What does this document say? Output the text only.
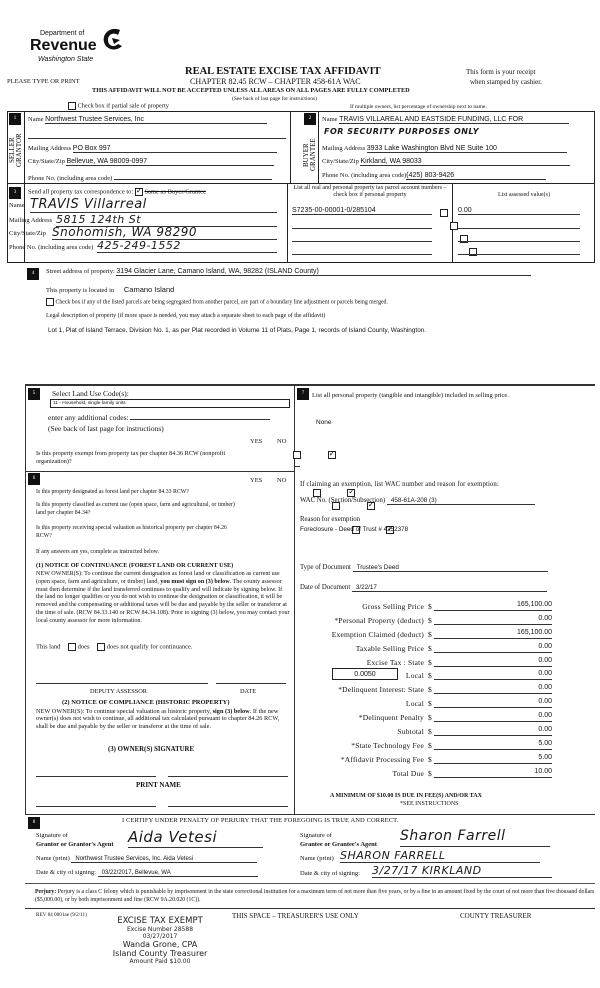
Department of
Revenue
Washington State
REAL ESTATE EXCISE TAX AFFIDAVIT
CHAPTER 82.45 RCW – CHAPTER 458-61A WAC
PLEASE TYPE OR PRINT
This form is your receipt
when stamped by cashier.
THIS AFFIDAVIT WILL NOT BE ACCEPTED UNLESS ALL AREAS ON ALL PAGES ARE FULLY COMPLETED
(See back of last page for instructions)
Check box if partial sale of property	If multiple owners, list percentage of ownership next to name.
1
SELLER GRANTOR
Name Northwest Trustee Services, Inc
Mailing Address PO Box 997
City/State/Zip Bellevue, WA 98009-0997
Phone No. (including area code)
2
BUYER GRANTEE
Name TRAVIS VILLAREAL AND EASTSIDE FUNDING, LLC FOR
FOR SECURITY PURPOSES ONLY
Mailing Address 3933 Lake Washington Blvd NE Suite 100
City/State/Zip Kirkland, WA 98033
Phone No. (including area code)(425) 803-9426
3	Send all property tax correspondence to: ✓ Same as Buyer/Grantee
Name TRAVIS Villarreal
Mailing Address 5815 124th St
City/State/Zip Snohomish, WA 98290
Phone No. (including area code) 425-249-1552
List all real and personal property tax parcel account numbers – check box if personal property	List assessed value(s)
S7235-00-00001-0/285104
	0.00

4	Street address of property: 3194 Glacier Lane, Camano Island, WA, 98282 (ISLAND County)
This property is located in Camano Island
Check box if any of the listed parcels are being segregated from another parcel, are part of a boundary line adjustment or parcels being merged.
Legal description of property (if more space is needed, you may attach a separate sheet to each page of the affidavit)
Lot 1, Plat of Island Terrace, Division No. 1, as per Plat recorded in Volume 11 of Plats, Page 1, records of Island County, Washington.
5	Select Land Use Code(s):
11 - Household, single family units
enter any additional codes:
(See back of last page for instructions)
YES NO
Is this property exempt from property tax per chapter 84.36 RCW (nonprofit organization)?
✓
6	YES NO
Is this property designated as forest land per chapter 84.33 RCW?
✓
Is this property classified as current use (open space, farm and agricultural, or timber) land per chapter 84.34?
✓
Is this property receiving special valuation as historical property per chapter 84.26 RCW?
✓
If any answers are yes, complete as instructed below.
(1) NOTICE OF CONTINUANCE (FOREST LAND OR CURRENT USE)
NEW OWNER(S): To continue the current designation as forest land or classification as current use (open space, farm and agriculture, or timber) land, you must sign on (3) below. The county assessor must then determine if the land transferred continues to qualify and will indicate by signing below. If the land no longer qualifies or you do not wish to continue the designation or classification, it will be removed and the compensating or additional taxes will be due and payable by the seller or transferor at the time of sale. (RCW 84.33.140 or RCW 84.34.108). Prior to signing (3) below, you may contact your local county assessor for more information.
This land	does	does not qualify for continuance.
DEPUTY ASSESSOR	DATE
(2) NOTICE OF COMPLIANCE (HISTORIC PROPERTY)
NEW OWNER(S): To continue special valuation as historic property, sign (3) below. If the new owner(s) does not wish to continue, all additional tax calculated pursuant to chapter 84.26 RCW, shall be due and payable by the seller or transferor at the time of sale.
(3) OWNER(S) SIGNATURE
PRINT NAME
7	List all personal property (tangible and intangible) included in selling price.
None
If claiming an exemption, list WAC number and reason for exemption:
WAC No. (Section/Subsection) 458-61A-208 (3)
Reason for exemption
Foreclosure - Deed of Trust # 4252378
Type of Document Trustee's Deed
Date of Document 3/22/17
Gross Selling Price $	165,100.00
*Personal Property (deduct) $	0.00
Exemption Claimed (deduct) $	165,100.00
Taxable Selling Price $	0.00
Excise Tax : State $	0.00
0.0050	Local $	0.00
*Delinquent Interest: State $	0.00
Local $	0.00
*Delinquent Penalty $	0.00
Subtotal $	0.00
*State Technology Fee $	5.00
*Affidavit Processing Fee $	5.00
Total Due $	10.00
A MINIMUM OF $10.00 IS DUE IN FEE(S) AND/OR TAX
*SEE INSTRUCTIONS
8	I CERTIFY UNDER PENALTY OF PERJURY THAT THE FOREGOING IS TRUE AND CORRECT.
Signature of
Grantor or Grantor's Agent Aida Vetesi
Name (print) Northwest Trustee Services, Inc. Aida Vetesi
Date & city of signing: 03/22/2017, Bellevue, WA
Signature of
Grantee or Grantee's Agent
Sharon Farrell
Name (print) SHARON FARRELL
Date & city of signing: 3/27/17 KIRKLAND
Perjury: Perjury is a class C felony which is punishable by imprisonment in the state correctional institution for a maximum term of not more than five years, or by a fine in an amount fixed by the court of not more than five thousand dollars ($5,000.00), or by both imprisonment and fine (RCW 9A.20.020 (1C)).
REV 84 0001ae (9/2/11)	THIS SPACE – TREASURER'S USE ONLY	COUNTY TREASURER
EXCISE TAX EXEMPT
Excise Number 28588
03/27/2017
Wanda Grone, CPA
Island County Treasurer
Amount Paid $10.00
